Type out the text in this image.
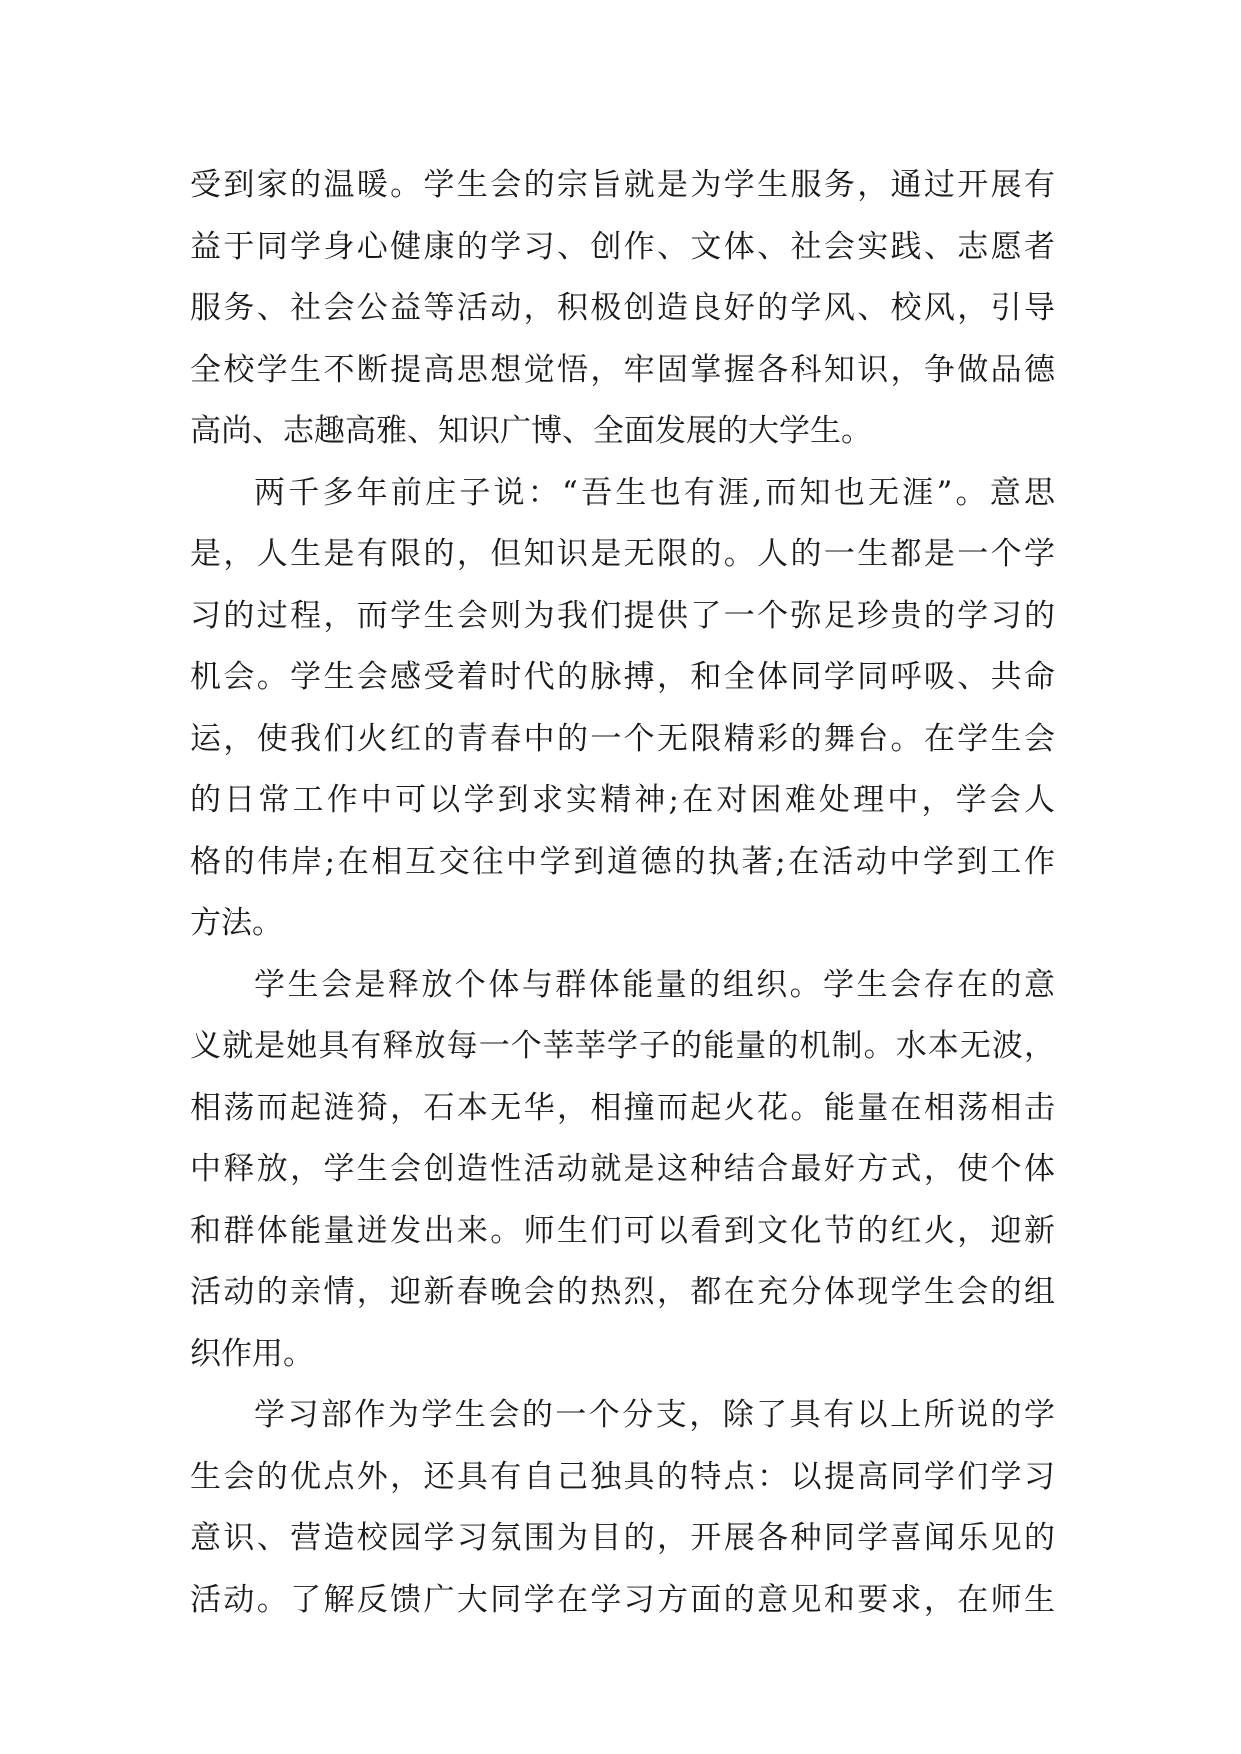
受到家的温暖。学生会的宗旨就是为学生服务，通过开展有
益于同学身心健康的学习、创作、文体、社会实践、志愿者
服务、社会公益等活动，积极创造良好的学风、校风，引导
全校学生不断提高思想觉悟，牢固掌握各科知识，争做品德
高尚、志趣高雅、知识广博、全面发展的大学生。
两千多年前庄子说：“吾生也有涯,而知也无涯”。意思
是，人生是有限的，但知识是无限的。人的一生都是一个学
习的过程，而学生会则为我们提供了一个弥足珍贵的学习的
机会。学生会感受着时代的脉搏，和全体同学同呼吸、共命
运，使我们火红的青春中的一个无限精彩的舞台。在学生会
的日常工作中可以学到求实精神;在对困难处理中，学会人
格的伟岸;在相互交往中学到道德的执著;在活动中学到工作
方法。
学生会是释放个体与群体能量的组织。学生会存在的意
义就是她具有释放每一个莘莘学子的能量的机制。水本无波，
相荡而起涟猗，石本无华，相撞而起火花。能量在相荡相击
中释放，学生会创造性活动就是这种结合最好方式，使个体
和群体能量迸发出来。师生们可以看到文化节的红火，迎新
活动的亲情，迎新春晚会的热烈，都在充分体现学生会的组
织作用。
学习部作为学生会的一个分支，除了具有以上所说的学
生会的优点外，还具有自己独具的特点：以提高同学们学习
意识、营造校园学习氛围为目的，开展各种同学喜闻乐见的
活动。了解反馈广大同学在学习方面的意见和要求，在师生
